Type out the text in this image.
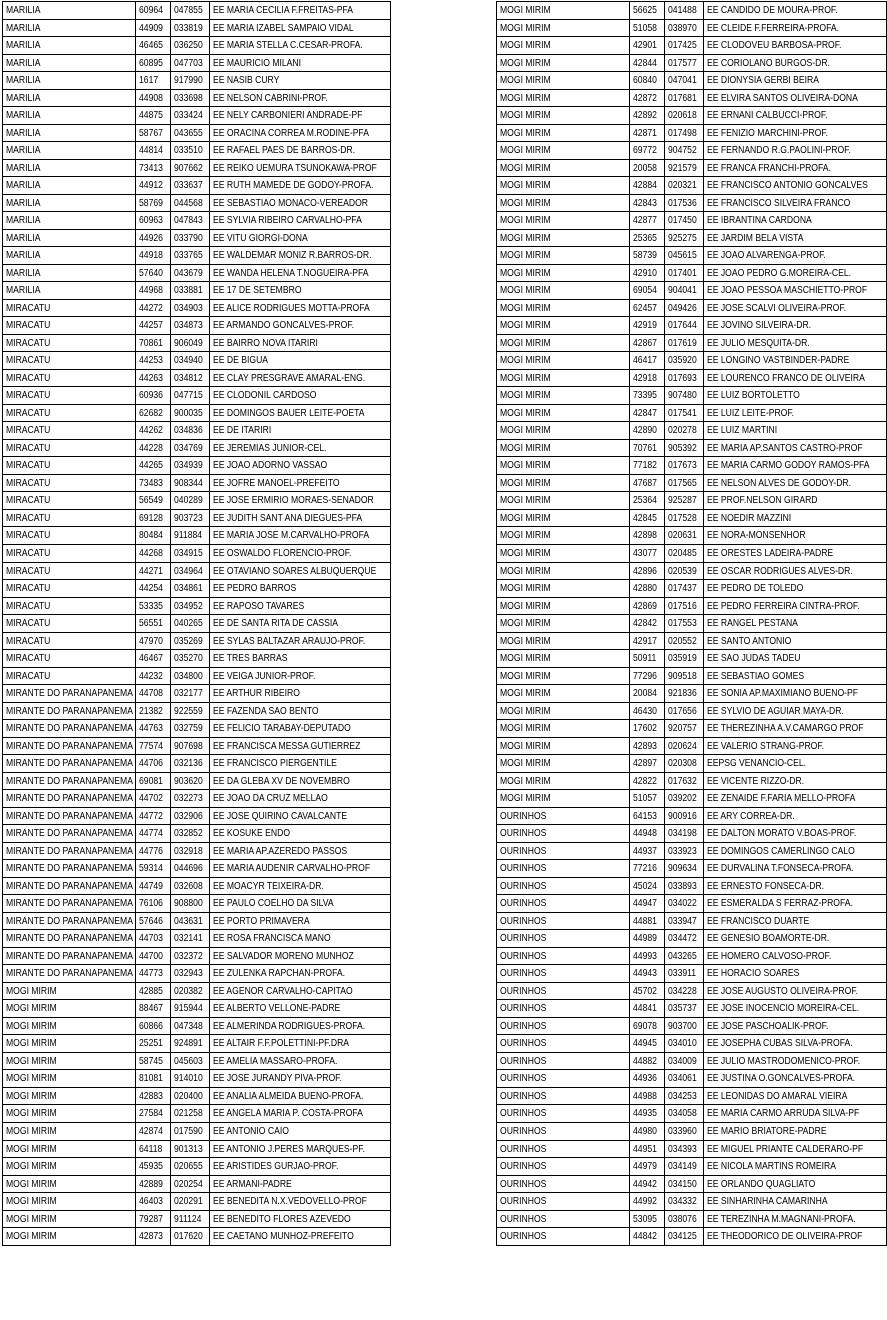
MARILIA	60964	047855	EE MARIA CECILIA F.FREITAS-PFA
MARILIA	44909	033819	EE MARIA IZABEL SAMPAIO VIDAL
MARILIA	46465	036250	EE MARIA STELLA C.CESAR-PROFA.
MARILIA	60895	047703	EE MAURICIO MILANI
MARILIA	1617	917990	EE NASIB CURY
MARILIA	44908	033698	EE NELSON CABRINI-PROF.
MARILIA	44875	033424	EE NELY CARBONIERI ANDRADE-PF
MARILIA	58767	043655	EE ORACINA CORREA M.RODINE-PFA
MARILIA	44814	033510	EE RAFAEL PAES DE BARROS-DR.
MARILIA	73413	907662	EE REIKO UEMURA TSUNOKAWA-PROF
MARILIA	44912	033637	EE RUTH MAMEDE DE GODOY-PROFA.
MARILIA	58769	044568	EE SEBASTIAO MONACO-VEREADOR
MARILIA	60963	047843	EE SYLVIA RIBEIRO CARVALHO-PFA
MARILIA	44926	033790	EE VITU GIORGI-DONA
MARILIA	44918	033765	EE WALDEMAR MONIZ R.BARROS-DR.
MARILIA	57640	043679	EE WANDA HELENA T.NOGUEIRA-PFA
MARILIA	44968	033881	EE 17 DE SETEMBRO
MIRACATU	44272	034903	EE ALICE RODRIGUES MOTTA-PROFA
MIRACATU	44257	034873	EE ARMANDO GONCALVES-PROF.
MIRACATU	70861	906049	EE BAIRRO NOVA ITARIRI
MIRACATU	44253	034940	EE DE BIGUA
MIRACATU	44263	034812	EE CLAY PRESGRAVE AMARAL-ENG.
MIRACATU	60936	047715	EE CLODONIL CARDOSO
MIRACATU	62682	900035	EE DOMINGOS BAUER LEITE-POETA
MIRACATU	44262	034836	EE DE ITARIRI
MIRACATU	44228	034769	EE JEREMIAS JUNIOR-CEL.
MIRACATU	44265	034939	EE JOAO ADORNO VASSAO
MIRACATU	73483	908344	EE JOFRE MANOEL-PREFEITO
MIRACATU	56549	040289	EE JOSE ERMIRIO MORAES-SENADOR
MIRACATU	69128	903723	EE JUDITH SANT ANA DIEGUES-PFA
MIRACATU	80484	911884	EE MARIA JOSE M.CARVALHO-PROFA
MIRACATU	44268	034915	EE OSWALDO FLORENCIO-PROF.
MIRACATU	44271	034964	EE OTAVIANO SOARES ALBUQUERQUE
MIRACATU	44254	034861	EE PEDRO BARROS
MIRACATU	53335	034952	EE RAPOSO TAVARES
MIRACATU	56551	040265	EE DE SANTA RITA DE CASSIA
MIRACATU	47970	035269	EE SYLAS BALTAZAR ARAUJO-PROF.
MIRACATU	46467	035270	EE TRES BARRAS
MIRACATU	44232	034800	EE VEIGA JUNIOR-PROF.
MIRANTE DO PARANAPANEMA	44708	032177	EE ARTHUR RIBEIRO
MIRANTE DO PARANAPANEMA	21382	922559	EE FAZENDA SAO BENTO
MIRANTE DO PARANAPANEMA	44763	032759	EE FELICIO TARABAY-DEPUTADO
MIRANTE DO PARANAPANEMA	77574	907698	EE FRANCISCA MESSA GUTIERREZ
MIRANTE DO PARANAPANEMA	44706	032136	EE FRANCISCO PIERGENTILE
MIRANTE DO PARANAPANEMA	69081	903620	EE DA GLEBA XV DE NOVEMBRO
MIRANTE DO PARANAPANEMA	44702	032273	EE JOAO DA CRUZ MELLAO
MIRANTE DO PARANAPANEMA	44772	032906	EE JOSE QUIRINO CAVALCANTE
MIRANTE DO PARANAPANEMA	44774	032852	EE KOSUKE ENDO
MIRANTE DO PARANAPANEMA	44776	032918	EE MARIA AP.AZEREDO PASSOS
MIRANTE DO PARANAPANEMA	59314	044696	EE MARIA AUDENIR CARVALHO-PROF
MIRANTE DO PARANAPANEMA	44749	032608	EE MOACYR TEIXEIRA-DR.
MIRANTE DO PARANAPANEMA	76106	908800	EE PAULO COELHO DA SILVA
MIRANTE DO PARANAPANEMA	57646	043631	EE PORTO PRIMAVERA
MIRANTE DO PARANAPANEMA	44703	032141	EE ROSA FRANCISCA MANO
MIRANTE DO PARANAPANEMA	44700	032372	EE SALVADOR MORENO MUNHOZ
MIRANTE DO PARANAPANEMA	44773	032943	EE ZULENKA RAPCHAN-PROFA.
MOGI MIRIM	42885	020382	EE AGENOR CARVALHO-CAPITAO
MOGI MIRIM	88467	915944	EE ALBERTO VELLONE-PADRE
MOGI MIRIM	60866	047348	EE ALMERINDA RODRIGUES-PROFA.
MOGI MIRIM	25251	924891	EE ALTAIR F.F.POLETTINI-PF.DRA
MOGI MIRIM	58745	045603	EE AMELIA MASSARO-PROFA.
MOGI MIRIM	81081	914010	EE JOSE JURANDY PIVA-PROF.
MOGI MIRIM	42883	020400	EE ANALIA ALMEIDA BUENO-PROFA.
MOGI MIRIM	27584	021258	EE ANGELA MARIA P. COSTA-PROFA
MOGI MIRIM	42874	017590	EE ANTONIO CAIO
MOGI MIRIM	64118	901313	EE ANTONIO J.PERES MARQUES-PF.
MOGI MIRIM	45935	020655	EE ARISTIDES GURJAO-PROF.
MOGI MIRIM	42889	020254	EE ARMANI-PADRE
MOGI MIRIM	46403	020291	EE BENEDITA N.X.VEDOVELLO-PROF
MOGI MIRIM	79287	911124	EE BENEDITO FLORES AZEVEDO
MOGI MIRIM	42873	017620	EE CAETANO MUNHOZ-PREFEITO
MOGI MIRIM	56625	041488	EE CANDIDO DE MOURA-PROF.
MOGI MIRIM	51058	038970	EE CLEIDE F.FERREIRA-PROFA.
MOGI MIRIM	42901	017425	EE CLODOVEU BARBOSA-PROF.
MOGI MIRIM	42844	017577	EE CORIOLANO BURGOS-DR.
MOGI MIRIM	60840	047041	EE DIONYSIA GERBI BEIRA
MOGI MIRIM	42872	017681	EE ELVIRA SANTOS OLIVEIRA-DONA
MOGI MIRIM	42892	020618	EE ERNANI CALBUCCI-PROF.
MOGI MIRIM	42871	017498	EE FENIZIO MARCHINI-PROF.
MOGI MIRIM	69772	904752	EE FERNANDO R.G.PAOLINI-PROF.
MOGI MIRIM	20058	921579	EE FRANCA FRANCHI-PROFA.
MOGI MIRIM	42884	020321	EE FRANCISCO ANTONIO GONCALVES
MOGI MIRIM	42843	017536	EE FRANCISCO SILVEIRA FRANCO
MOGI MIRIM	42877	017450	EE IBRANTINA CARDONA
MOGI MIRIM	25365	925275	EE JARDIM BELA VISTA
MOGI MIRIM	58739	045615	EE JOAO ALVARENGA-PROF.
MOGI MIRIM	42910	017401	EE JOAO PEDRO G.MOREIRA-CEL.
MOGI MIRIM	69054	904041	EE JOAO PESSOA MASCHIETTO-PROF
MOGI MIRIM	62457	049426	EE JOSE SCALVI OLIVEIRA-PROF.
MOGI MIRIM	42919	017644	EE JOVINO SILVEIRA-DR.
MOGI MIRIM	42867	017619	EE JULIO MESQUITA-DR.
MOGI MIRIM	46417	035920	EE LONGINO VASTBINDER-PADRE
MOGI MIRIM	42918	017693	EE LOURENCO FRANCO DE OLIVEIRA
MOGI MIRIM	73395	907480	EE LUIZ BORTOLETTO
MOGI MIRIM	42847	017541	EE LUIZ LEITE-PROF.
MOGI MIRIM	42890	020278	EE LUIZ MARTINI
MOGI MIRIM	70761	905392	EE MARIA AP.SANTOS CASTRO-PROF
MOGI MIRIM	77182	017673	EE MARIA CARMO GODOY RAMOS-PFA
MOGI MIRIM	47687	017565	EE NELSON ALVES DE GODOY-DR.
MOGI MIRIM	25364	925287	EE PROF.NELSON GIRARD
MOGI MIRIM	42845	017528	EE NOEDIR MAZZINI
MOGI MIRIM	42898	020631	EE NORA-MONSENHOR
MOGI MIRIM	43077	020485	EE ORESTES LADEIRA-PADRE
MOGI MIRIM	42896	020539	EE OSCAR RODRIGUES ALVES-DR.
MOGI MIRIM	42880	017437	EE PEDRO DE TOLEDO
MOGI MIRIM	42869	017516	EE PEDRO FERREIRA CINTRA-PROF.
MOGI MIRIM	42842	017553	EE RANGEL PESTANA
MOGI MIRIM	42917	020552	EE SANTO ANTONIO
MOGI MIRIM	50911	035919	EE SAO JUDAS TADEU
MOGI MIRIM	77296	909518	EE SEBASTIAO GOMES
MOGI MIRIM	20084	921836	EE SONIA AP.MAXIMIANO BUENO-PF
MOGI MIRIM	46430	017656	EE SYLVIO DE AGUIAR MAYA-DR.
MOGI MIRIM	17602	920757	EE THEREZINHA A.V.CAMARGO PROF
MOGI MIRIM	42893	020624	EE VALERIO STRANG-PROF.
MOGI MIRIM	42897	020308	EEPSG VENANCIO-CEL.
MOGI MIRIM	42822	017632	EE VICENTE RIZZO-DR.
MOGI MIRIM	51057	039202	EE ZENAIDE F.FARIA MELLO-PROFA
OURINHOS	64153	900916	EE ARY CORREA-DR.
OURINHOS	44948	034198	EE DALTON MORATO V.BOAS-PROF.
OURINHOS	44937	033923	EE DOMINGOS CAMERLINGO CALO
OURINHOS	77216	909634	EE DURVALINA T.FONSECA-PROFA.
OURINHOS	45024	033893	EE ERNESTO FONSECA-DR.
OURINHOS	44947	034022	EE ESMERALDA S FERRAZ-PROFA.
OURINHOS	44881	033947	EE FRANCISCO DUARTE
OURINHOS	44989	034472	EE GENESIO BOAMORTE-DR.
OURINHOS	44993	043265	EE HOMERO CALVOSO-PROF.
OURINHOS	44943	033911	EE HORACIO SOARES
OURINHOS	45702	034228	EE JOSE AUGUSTO OLIVEIRA-PROF.
OURINHOS	44841	035737	EE JOSE INOCENCIO MOREIRA-CEL.
OURINHOS	69078	903700	EE JOSE PASCHOALIK-PROF.
OURINHOS	44945	034010	EE JOSEPHA CUBAS SILVA-PROFA.
OURINHOS	44882	034009	EE JULIO MASTRODOMENICO-PROF.
OURINHOS	44936	034061	EE JUSTINA O.GONCALVES-PROFA.
OURINHOS	44988	034253	EE LEONIDAS DO AMARAL VIEIRA
OURINHOS	44935	034058	EE MARIA CARMO ARRUDA SILVA-PF
OURINHOS	44980	033960	EE MARIO BRIATORE-PADRE
OURINHOS	44951	034393	EE MIGUEL PRIANTE CALDERARO-PF
OURINHOS	44979	034149	EE NICOLA MARTINS ROMEIRA
OURINHOS	44942	034150	EE ORLANDO QUAGLIATO
OURINHOS	44992	034332	EE SINHARINHA CAMARINHA
OURINHOS	53095	038076	EE TEREZINHA M.MAGNANI-PROFA.
OURINHOS	44842	034125	EE THEODORICO DE OLIVEIRA-PROF
